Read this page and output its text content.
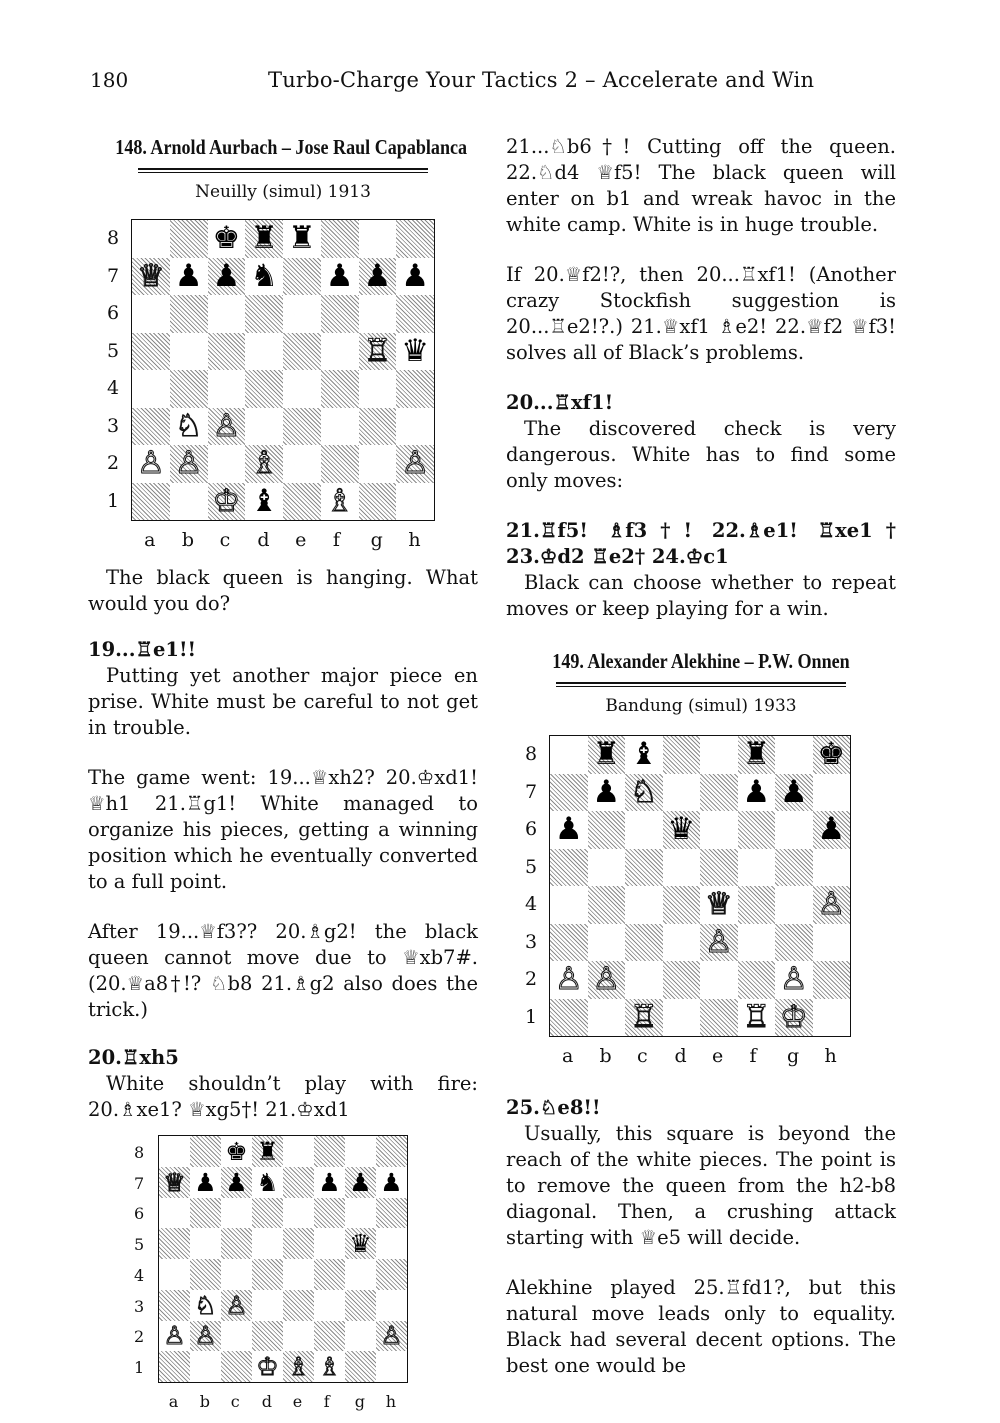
180	Turbo-Charge Your Tactics 2 – Accelerate and Win
148. Arnold Aurbach – Jose Raul Capablanca
Neuilly (simul) 1913
♚ ♜ ♜
♕ ♟ ♟ ♞ ♟ ♟ ♟
♖ ♛
♘ ♙
♙ ♙ ♗	♙
♔ ♝ ♗
8
7
6
5
4
3
2
1
a b c d e f g h

The black queen is hanging. What would you do?

19...♖e1!!

Putting yet another major piece en prise. White must be careful to not get in trouble.

The game went: 19...♕xh2? 20.♔xd1! ♕h1 21.♖g1! White managed to organize his pieces, getting a winning position which he eventually converted to a full point.

After 19...♕f3?? 20.♗g2! the black queen cannot move due to ♕xb7#. (20.♕a8†!? ♘b8 21.♗g2 also does the trick.)

20.♖xh5

White shouldn’t play with fire: 20.♗xe1? ♕xg5†! 21.♔xd1

♚ ♜
♕ ♟ ♟ ♞ ♟ ♟ ♟
♛
♘ ♙
♙ ♙	♙
♔ ♗ ♗
8
7
6
5
4
3
2
1
a b c d e f g h

21...♘b6†! Cutting off the queen. 22.♘d4 ♕f5! The black queen will enter on b1 and wreak havoc in the white camp. White is in huge trouble.

If 20.♕f2!?, then 20...♖xf1! (Another crazy Stockfish suggestion is 20...♖e2!?.) 21.♕xf1 ♗e2! 22.♕f2 ♕f3! solves all of Black’s problems.

20...♖xf1!

The discovered check is very dangerous. White has to find some only moves:

21.♖f5! ♗f3†! 22.♗e1! ♖xe1† 23.♔d2 ♖e2† 24.♔c1

Black can choose whether to repeat moves or keep playing for a win.

149. Alexander Alekhine – P.W. Onnen
Bandung (simul) 1933
♜ ♝	♜ ♚
♟ ♘	♟ ♟
♟	♛	♟
♕	♙
♙
♙ ♙	♙
♖	♖ ♔
8
7
6
5
4
3
2
1
a b c d e f g h

25.♘e8!!

Usually, this square is beyond the reach of the white pieces. The point is to remove the queen from the h2-b8 diagonal. Then, a crushing attack starting with ♕e5 will decide.

Alekhine played 25.♖fd1?, but this natural move leads only to equality. Black had several decent options. The best one would be
